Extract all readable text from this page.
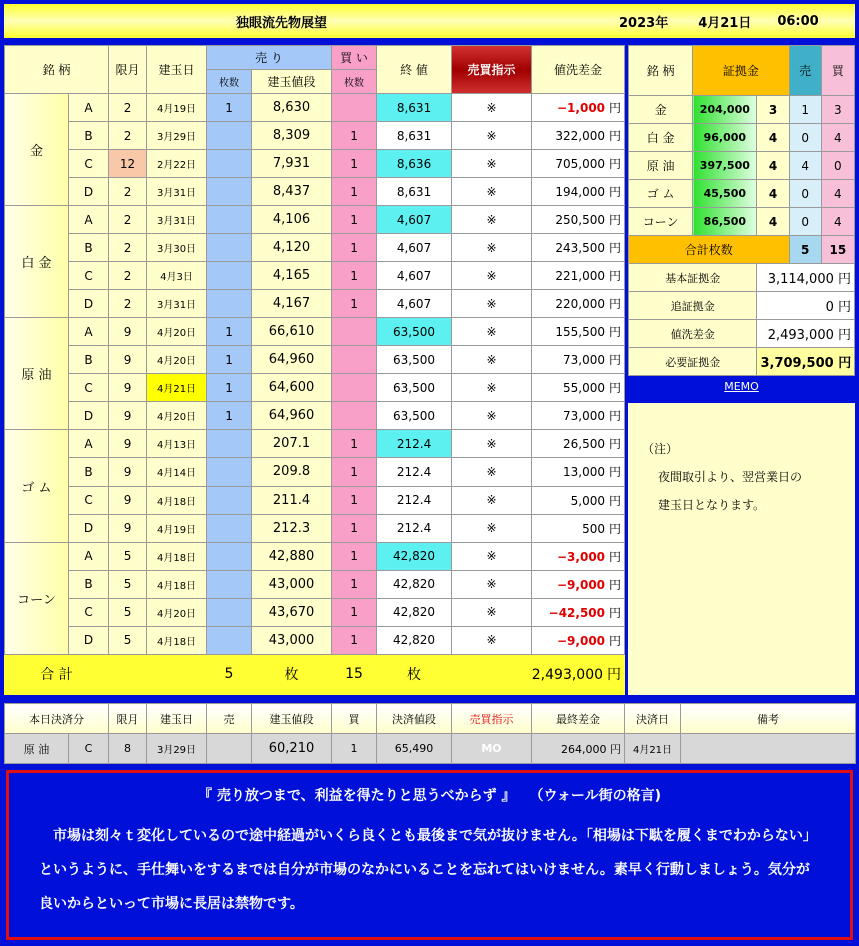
独眼流先物展望	2023年 4月21日 06:00
銘 柄		限月	建玉日	売 り		買 い	終 値	売買指示	値洗差金
				枚数	建玉値段	枚数			
金	A	2	4月19日	1	8,630		8,631	※	−1,000 円
	B	2	3月29日		8,309	1	8,631	※	322,000 円
	C	12	2月22日		7,931	1	8,636	※	705,000 円
	D	2	3月31日		8,437	1	8,631	※	194,000 円
白 金	A	2	3月31日		4,106	1	4,607	※	250,500 円
	B	2	3月30日		4,120	1	4,607	※	243,500 円
	C	2	4月3日		4,165	1	4,607	※	221,000 円
	D	2	3月31日		4,167	1	4,607	※	220,000 円
原 油	A	9	4月20日	1	66,610		63,500	※	155,500 円
	B	9	4月20日	1	64,960		63,500	※	73,000 円
	C	9	4月21日	1	64,600		63,500	※	55,000 円
	D	9	4月20日	1	64,960		63,500	※	73,000 円
ゴ ム	A	9	4月13日		207.1	1	212.4	※	26,500 円
	B	9	4月14日		209.8	1	212.4	※	13,000 円
	C	9	4月18日		211.4	1	212.4	※	5,000 円
	D	9	4月19日		212.3	1	212.4	※	500 円
コーン	A	5	4月18日		42,880	1	42,820	※	−3,000 円
	B	5	4月18日		43,000	1	42,820	※	−9,000 円
	C	5	4月20日		43,670	1	42,820	※	−42,500 円
	D	5	4月18日		43,000	1	42,820	※	−9,000 円
合 計				5	枚	15	枚	2,493,000 円	
銘 柄	証拠金		売	買
金	204,000	3	1	3
白 金	96,000	4	0	4
原 油	397,500	4	4	0
ゴ ム	45,500	4	0	4
コーン	86,500	4	0	4
合計枚数			5	15
基本証拠金		3,114,000 円		
追証拠金		0 円		
値洗差金		2,493,000 円		
必要証拠金		3,709,500 円		
MEMO
（注）
夜間取引より、翌営業日の
建玉日となります。
本日決済分		限月	建玉日	売	建玉値段	買	決済値段	売買指示	最終差金	決済日	備考
原 油	C	8	3月29日		60,210	1	65,490	MO	264,000 円	4月21日	
『 売り放つまで、利益を得たりと思うべからず 』　　（ウォール街の格言)
　市場は刻々ｔ変化しているので途中経過がいくら良くとも最後まで気が抜けません。「相場は下駄を履くまでわからない」というように、手仕舞いをするまでは自分が市場のなかにいることを忘れてはいけません。素早く行動しましょう。気分が良いからといって市場に長居は禁物です。
